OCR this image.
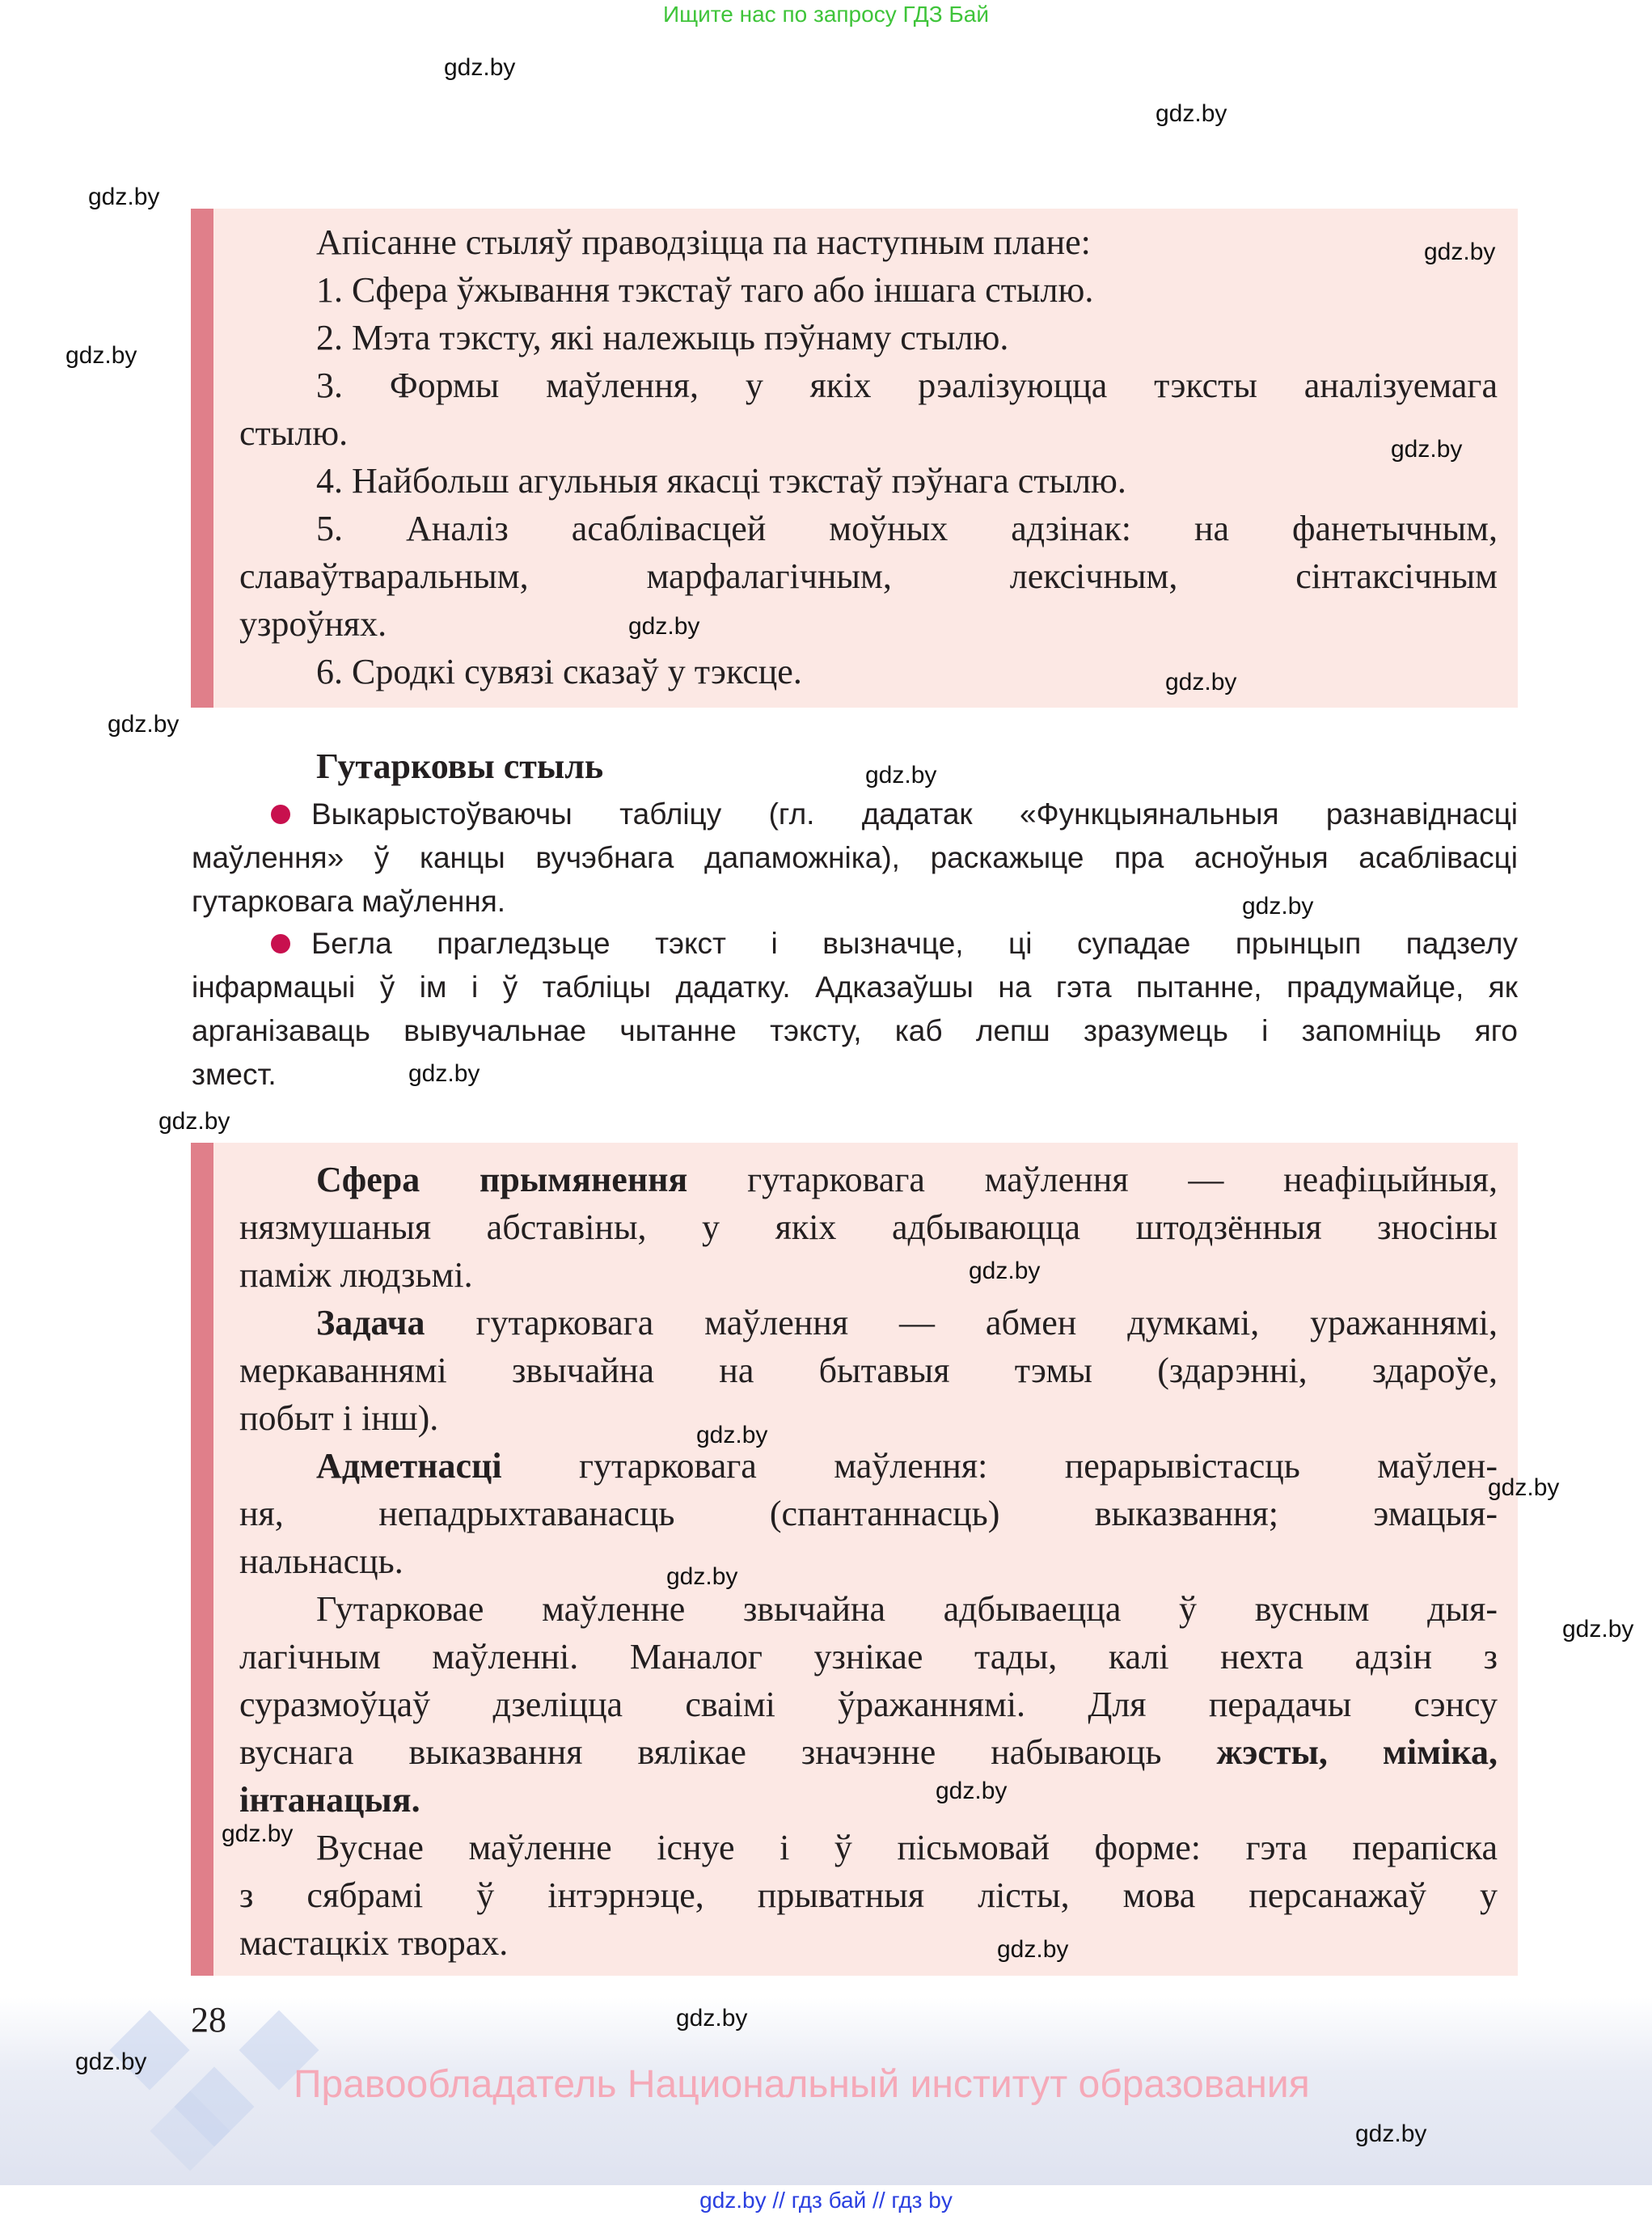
Ищите нас по запросу ГДЗ Бай
Апісанне стыляў праводзіцца па наступным плане:
1. Сфера ўжывання тэкстаў таго або іншага стылю.
2. Мэта тэксту, які належыць пэўнаму стылю.
3. Формы маўлення, у якіх рэалізуюцца тэксты аналізуемага
стылю.
4. Найбольш агульныя якасці тэкстаў пэўнага стылю.
5. Аналіз асаблівасцей моўных адзінак: на фанетычным,
славаўтваральным, марфалагічным, лексічным, сінтаксічным
узроўнях.
6. Сродкі сувязі сказаў у тэксце.
Гутарковы стыль
Выкарыстоўваючы табліцу (гл. дадатак «Функцыянальныя разнавіднасці
маўлення» ў канцы вучэбнага дапаможніка), раскажыце пра асноўныя асаблівасці
гутарковага маўлення.
Бегла прагледзьце тэкст і вызначце, ці супадае прынцып падзелу
інфармацыі ў ім і ў табліцы дадатку. Адказаўшы на гэта пытанне, прадумайце, як
арганізаваць вывучальнае чытанне тэксту, каб лепш зразумець і запомніць яго
змест.
Сфера прымянення гутарковага маўлення — неафіцыйныя,
нязмушаныя абставіны, у якіх адбываюцца штодзённыя зносіны
паміж людзьмі.
Задача гутарковага маўлення — абмен думкамі, уражаннямі,
меркаваннямі звычайна на бытавыя тэмы (здарэнні, здароўе,
побыт і інш).
Адметнасці гутарковага маўлення: перарывістасць маўлен-
ня, непадрыхтаванасць (спантаннасць) выказвання; эмацыя-
нальнасць.
Гутарковае маўленне звычайна адбываецца ў вусным дыя-
лагічным маўленні. Маналог узнікае тады, калі нехта адзін з
суразмоўцаў дзеліцца сваімі ўражаннямі. Для перадачы сэнсу
вуснага выказвання вялікае значэнне набываюць жэсты, міміка,
інтанацыя.
Вуснае маўленне існуе і ў пісьмовай форме: гэта перапіска
з сябрамі ў інтэрнэце, прыватныя лісты, мова персанажаў у
мастацкіх творах.
28
Правообладатель Национальный институт образования
gdz.by // гдз бай // гдз by
gdz.by
gdz.by
gdz.by
gdz.by
gdz.by
gdz.by
gdz.by
gdz.by
gdz.by
gdz.by
gdz.by
gdz.by
gdz.by
gdz.by
gdz.by
gdz.by
gdz.by
gdz.by
gdz.by
gdz.by
gdz.by
gdz.by
gdz.by
gdz.by
